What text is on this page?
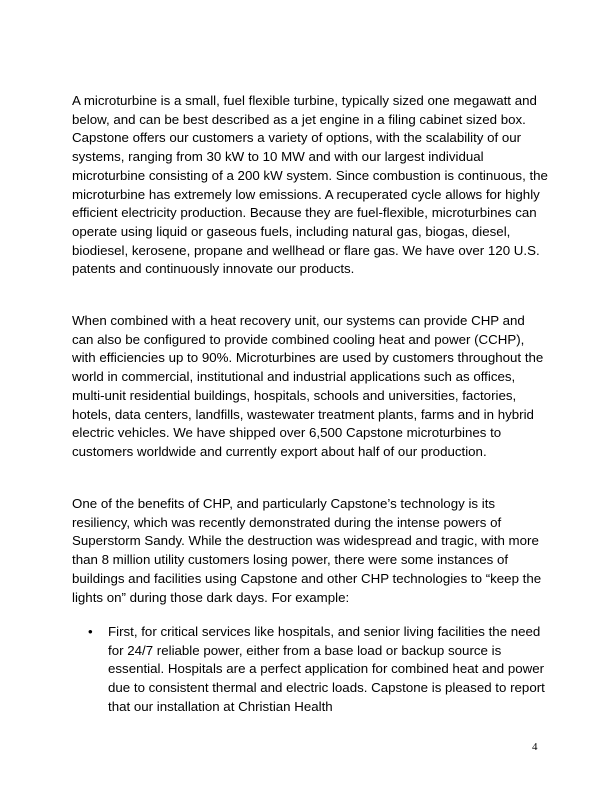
A microturbine is a small, fuel flexible turbine, typically sized one megawatt and below, and can be best described as a jet engine in a filing cabinet sized box. Capstone offers our customers a variety of options, with the scalability of our systems, ranging from 30 kW to 10 MW and with our largest individual microturbine consisting of a 200 kW system. Since combustion is continuous, the microturbine has extremely low emissions. A recuperated cycle allows for highly efficient electricity production. Because they are fuel-flexible, microturbines can operate using liquid or gaseous fuels, including natural gas, biogas, diesel, biodiesel, kerosene, propane and wellhead or flare gas. We have over 120 U.S. patents and continuously innovate our products.

When combined with a heat recovery unit, our systems can provide CHP and can also be configured to provide combined cooling heat and power (CCHP), with efficiencies up to 90%. Microturbines are used by customers throughout the world in commercial, institutional and industrial applications such as offices, multi-unit residential buildings, hospitals, schools and universities, factories, hotels, data centers, landfills, wastewater treatment plants, farms and in hybrid electric vehicles. We have shipped over 6,500 Capstone microturbines to customers worldwide and currently export about half of our production.

One of the benefits of CHP, and particularly Capstone’s technology is its resiliency, which was recently demonstrated during the intense powers of Superstorm Sandy. While the destruction was widespread and tragic, with more than 8 million utility customers losing power, there were some instances of buildings and facilities using Capstone and other CHP technologies to “keep the lights on” during those dark days. For example:

• First, for critical services like hospitals, and senior living facilities the need for 24/7 reliable power, either from a base load or backup source is essential. Hospitals are a perfect application for combined heat and power due to consistent thermal and electric loads. Capstone is pleased to report that our installation at Christian Health
4
